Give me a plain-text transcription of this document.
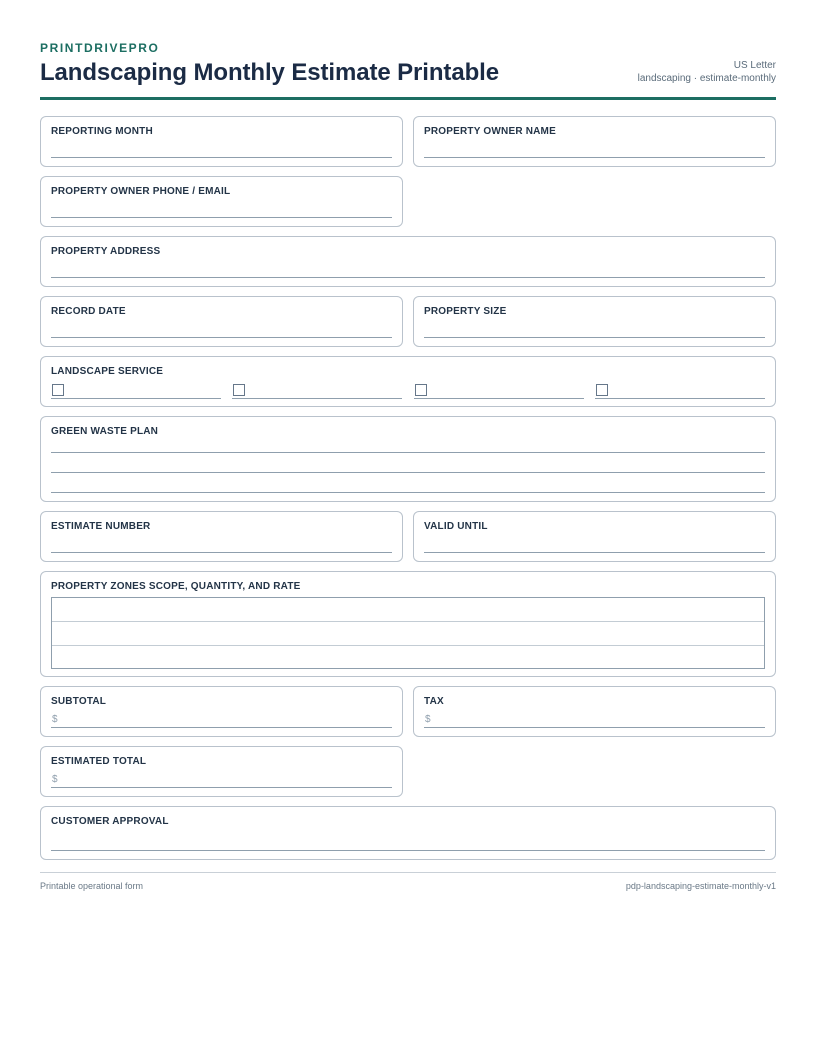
PRINTDRIVEPRO
Landscaping Monthly Estimate Printable	US Letter
landscaping · estimate-monthly
REPORTING MONTH	PROPERTY OWNER NAME
PROPERTY OWNER PHONE / EMAIL
PROPERTY ADDRESS
RECORD DATE	PROPERTY SIZE
LANDSCAPE SERVICE
GREEN WASTE PLAN
ESTIMATE NUMBER	VALID UNTIL
PROPERTY ZONES SCOPE, QUANTITY, AND RATE
SUBTOTAL
$
TAX
$
ESTIMATED TOTAL
$
CUSTOMER APPROVAL
Printable operational form	pdp-landscaping-estimate-monthly-v1
